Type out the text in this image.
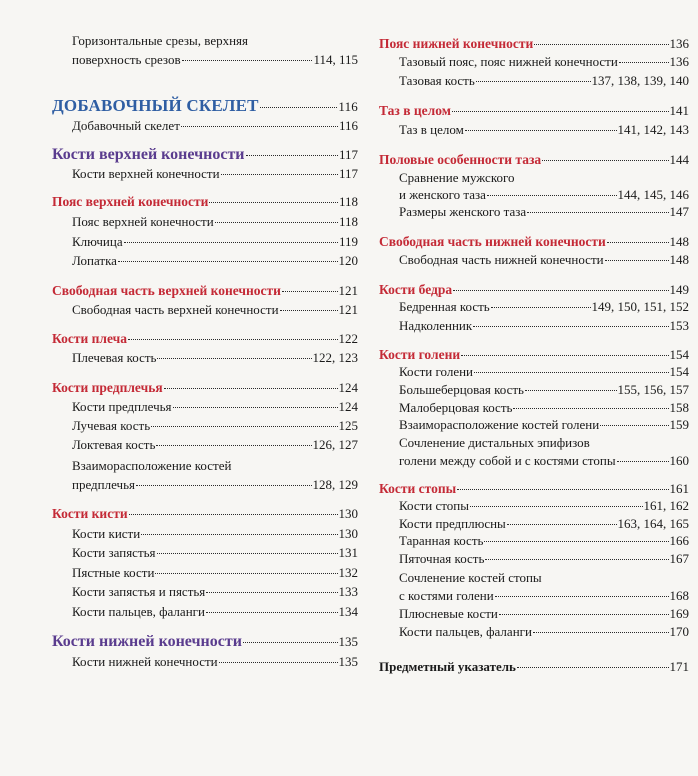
Горизонтальные срезы, верхняя
поверхность срезов	114, 115
ДОБАВОЧНЫЙ СКЕЛЕТ	116
Добавочный скелет	116
Кости верхней конечности	117
Кости верхней конечности	117
Пояс верхней конечности	118
Пояс верхней конечности	118
Ключица	119
Лопатка	120
Свободная часть верхней конечности	121
Свободная часть верхней конечности	121
Кости плеча	122
Плечевая кость	122, 123
Кости предплечья	124
Кости предплечья	124
Лучевая кость	125
Локтевая кость	126, 127
Взаиморасположение костей
предплечья	128, 129
Кости кисти	130
Кости кисти	130
Кости запястья	131
Пястные кости	132
Кости запястья и пястья	133
Кости пальцев, фаланги	134
Кости нижней конечности	135
Кости нижней конечности	135
Пояс нижней конечности	136
Тазовый пояс, пояс нижней конечности	136
Тазовая кость	137, 138, 139, 140
Таз в целом	141
Таз в целом	141, 142, 143
Половые особенности таза	144
Сравнение мужского
и женского таза	144, 145, 146
Размеры женского таза	147
Свободная часть нижней конечности	148
Свободная часть нижней конечности	148
Кости бедра	149
Бедренная кость	149, 150, 151, 152
Надколенник	153
Кости голени	154
Кости голени	154
Большеберцовая кость	155, 156, 157
Малоберцовая кость	158
Взаиморасположение костей голени	159
Сочленение дистальных эпифизов
голени между собой и с костями стопы	160
Кости стопы	161
Кости стопы	161, 162
Кости предплюсны	163, 164, 165
Таранная кость	166
Пяточная кость	167
Сочленение костей стопы
с костями голени	168
Плюсневые кости	169
Кости пальцев, фаланги	170
Предметный указатель	171
